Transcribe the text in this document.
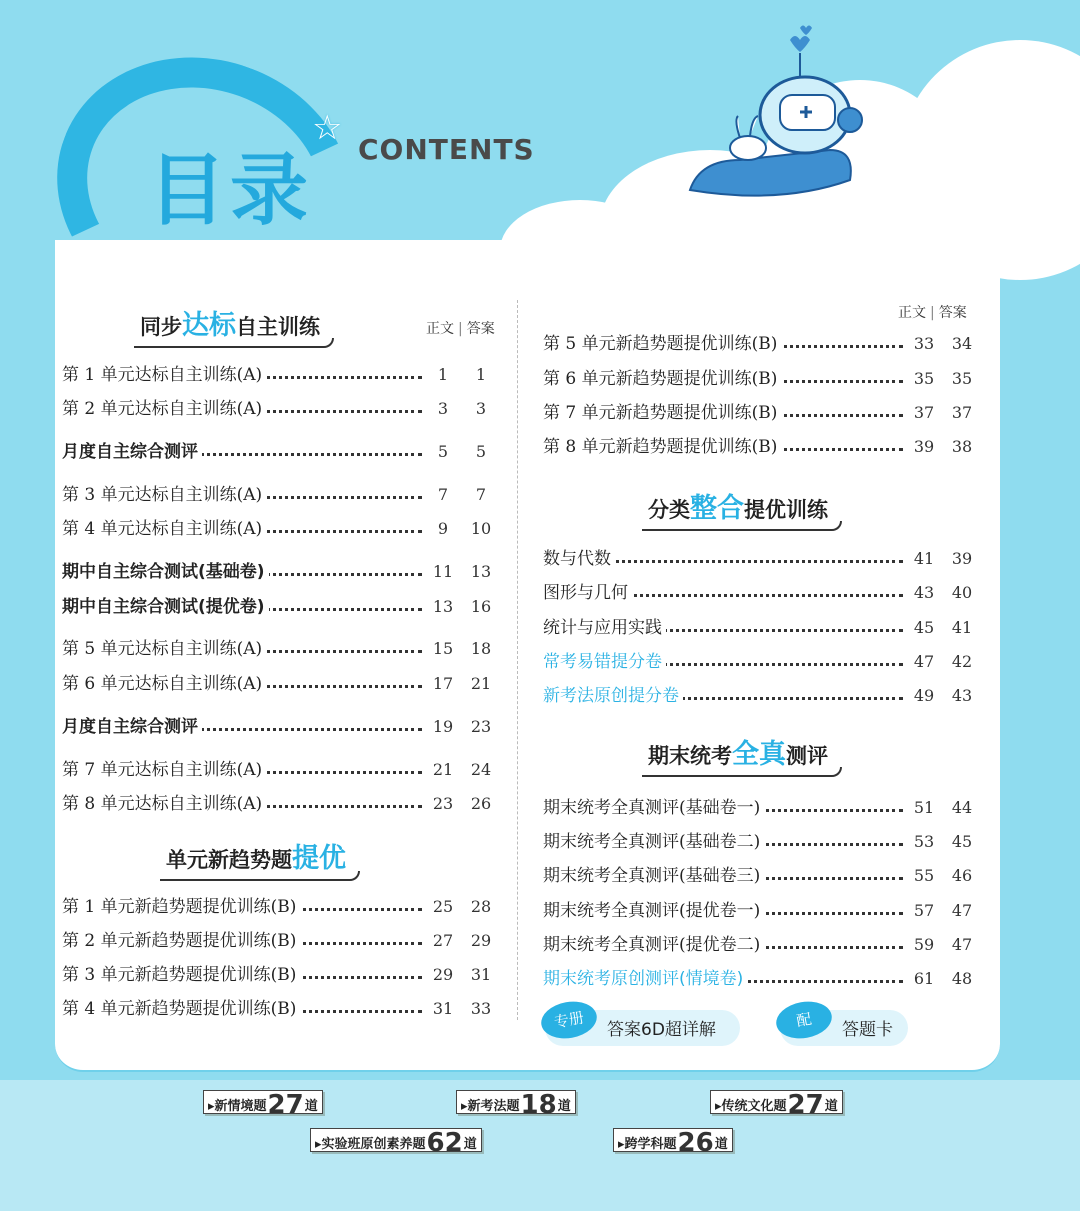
☆
目录 CONTENTS
同步达标自主训练	正文 | 答案
单元新趋势题提优
正文 | 答案
分类整合提优训练
期末统考全真测评
第 1 单元达标自主训练(A)	1	1
第 2 单元达标自主训练(A)	3	3
月度自主综合测评	5	5
第 3 单元达标自主训练(A)	7	7
第 4 单元达标自主训练(A)	9	10
期中自主综合测试(基础卷)	11	13
期中自主综合测试(提优卷)	13	16
第 5 单元达标自主训练(A)	15	18
第 6 单元达标自主训练(A)	17	21
月度自主综合测评	19	23
第 7 单元达标自主训练(A)	21	24
第 8 单元达标自主训练(A)	23	26
第 1 单元新趋势题提优训练(B)	25	28
第 2 单元新趋势题提优训练(B)	27	29
第 3 单元新趋势题提优训练(B)	29	31
第 4 单元新趋势题提优训练(B)	31	33
第 5 单元新趋势题提优训练(B)	33	34
第 6 单元新趋势题提优训练(B)	35	35
第 7 单元新趋势题提优训练(B)	37	37
第 8 单元新趋势题提优训练(B)	39	38
数与代数	41	39
图形与几何	43	40
统计与应用实践	45	41
常考易错提分卷	47	42
新考法原创提分卷	49	43
期末统考全真测评(基础卷一)	51	44
期末统考全真测评(基础卷二)	53	45
期末统考全真测评(基础卷三)	55	46
期末统考全真测评(提优卷一)	57	47
期末统考全真测评(提优卷二)	59	47
期末统考原创测评(情境卷)	61	48
专册	答案6D超详解	配	答题卡
▸新情境题27道	▸新考法题18道	▸传统文化题27道
▸实验班原创素养题62道	▸跨学科题26道
